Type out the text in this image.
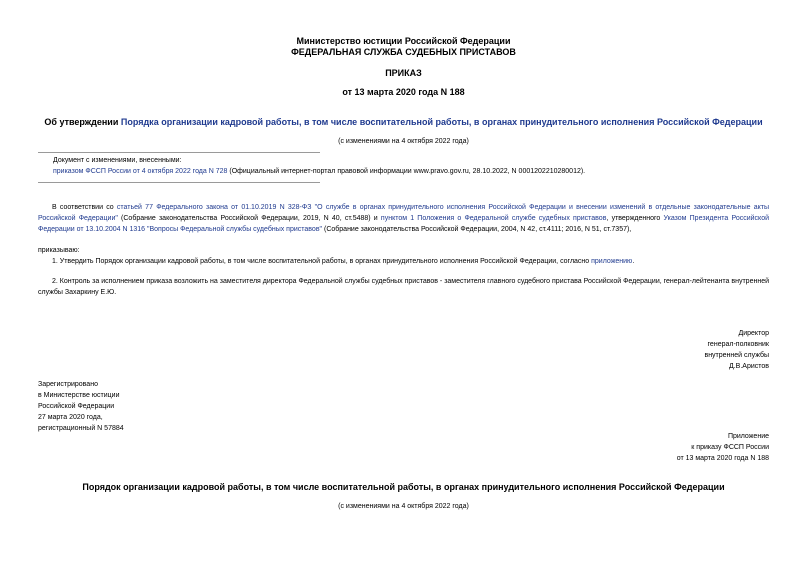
Министерство юстиции Российской Федерации
ФЕДЕРАЛЬНАЯ СЛУЖБА СУДЕБНЫХ ПРИСТАВОВ
ПРИКАЗ
от 13 марта 2020 года N 188
Об утверждении Порядка организации кадровой работы, в том числе воспитательной работы, в органах принудительного исполнения Российской Федерации
(с изменениями на 4 октября 2022 года)
Документ с изменениями, внесенными:
приказом ФССП России от 4 октября 2022 года N 728 (Официальный интернет-портал правовой информации www.pravo.gov.ru, 28.10.2022, N 0001202210280012).
В соответствии со статьей 77 Федерального закона от 01.10.2019 N 328-ФЗ "О службе в органах принудительного исполнения Российской Федерации и внесении изменений в отдельные законодательные акты Российской Федерации" (Собрание законодательства Российской Федерации, 2019, N 40, ст.5488) и пунктом 1 Положения о Федеральной службе судебных приставов, утвержденного Указом Президента Российской Федерации от 13.10.2004 N 1316 "Вопросы Федеральной службы судебных приставов" (Собрание законодательства Российской Федерации, 2004, N 42, ст.4111; 2016, N 51, ст.7357),
приказываю:
1. Утвердить Порядок организации кадровой работы, в том числе воспитательной работы, в органах принудительного исполнения Российской Федерации, согласно приложению.
2. Контроль за исполнением приказа возложить на заместителя директора Федеральной службы судебных приставов - заместителя главного судебного пристава Российской Федерации, генерал-лейтенанта внутренней службы Захаркину Е.Ю.
Директор
генерал-полковник
внутренней службы
Д.В.Аристов
Зарегистрировано
в Министерстве юстиции
Российской Федерации
27 марта 2020 года,
регистрационный N 57884
Приложение
к приказу ФССП России
от 13 марта 2020 года N 188
Порядок организации кадровой работы, в том числе воспитательной работы, в органах принудительного исполнения Российской Федерации
(с изменениями на 4 октября 2022 года)
